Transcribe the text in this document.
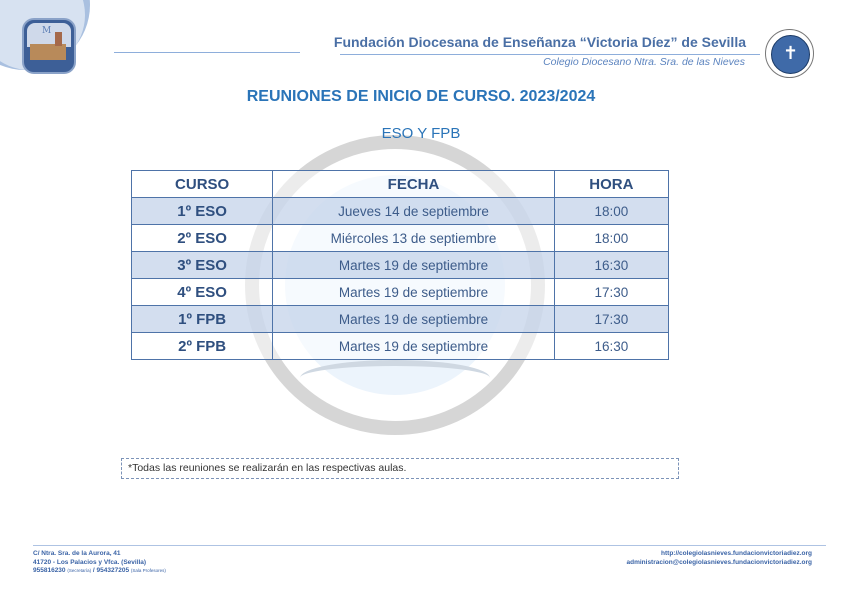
M
Fundación Diocesana de Enseñanza “Victoria Díez” de Sevilla
Colegio Diocesano Ntra. Sra. de las Nieves	✝
REUNIONES DE INICIO DE CURSO. 2023/2024
ESO Y FPB
CURSO	FECHA	HORA
1º ESO	Jueves 14 de septiembre	18:00
2º ESO	Miércoles 13 de septiembre	18:00
3º ESO	Martes 19 de septiembre	16:30
4º ESO	Martes 19 de septiembre	17:30
1º FPB	Martes 19 de septiembre	17:30
2º FPB	Martes 19 de septiembre	16:30
*Todas las reuniones se realizarán en las respectivas aulas.
C/ Ntra. Sra. de la Aurora, 41
41720 - Los Palacios y Vfca. (Sevilla)
955816230 (Secretaría) / 954327205 (Sala Profesores)
http://colegiolasnieves.fundacionvictoriadiez.org
administracion@colegiolasnieves.fundacionvictoriadiez.org
